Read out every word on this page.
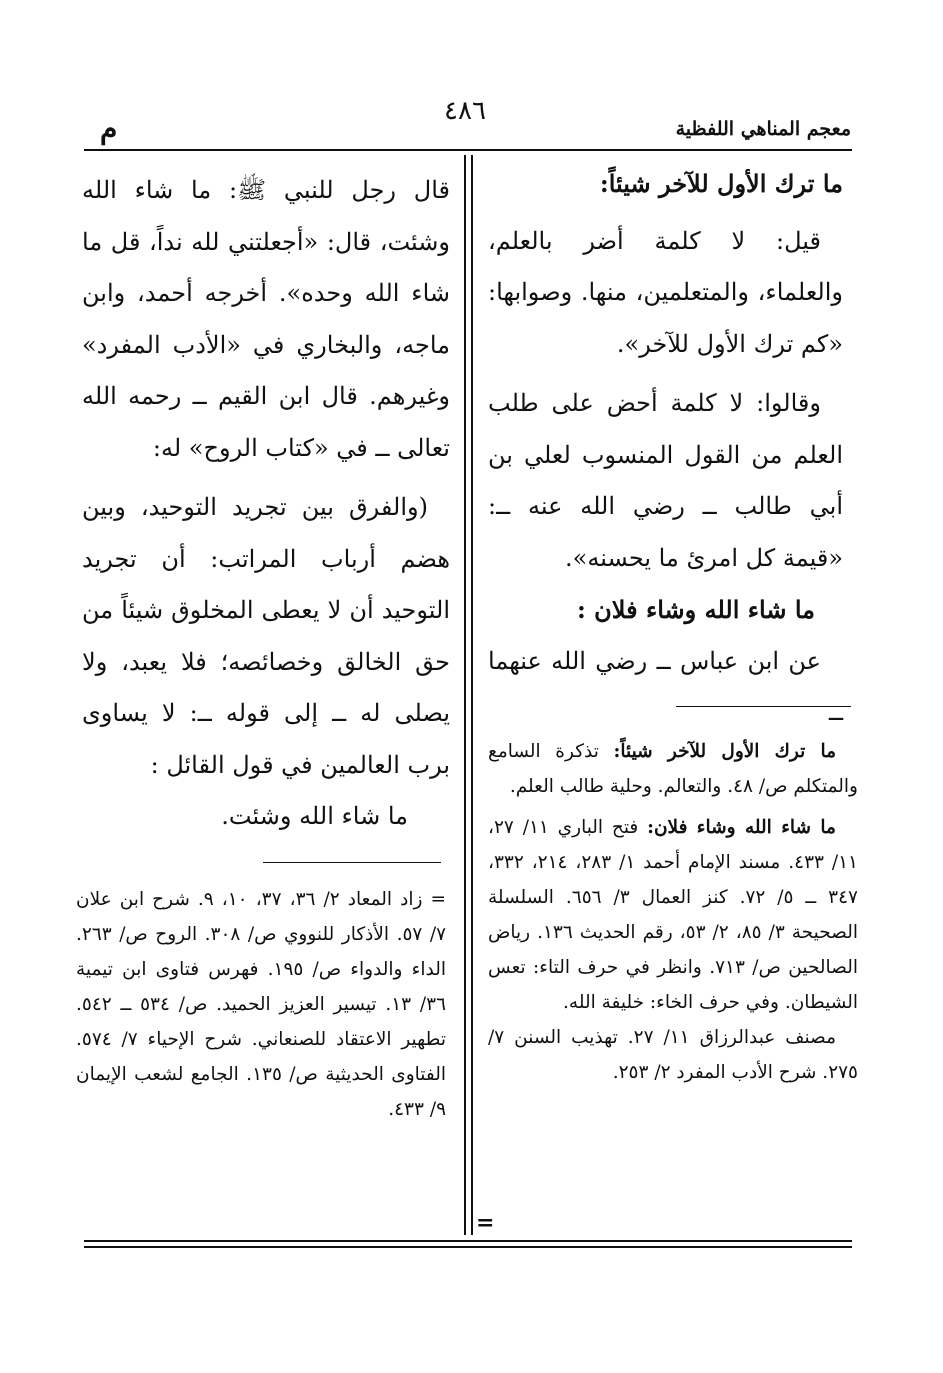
٤٨٦
معجم المناهي اللفظية
م

ما ترك الأول للآخر شيئاً:

قيل: لا كلمة أضر بالعلم، والعلماء، والمتعلمين، منها. وصوابها: «كم ترك الأول للآخر».

وقالوا: لا كلمة أحض على طلب العلم من القول المنسوب لعلي بن أبي طالب ــ رضي الله عنه ــ: «قيمة كل امرئ ما يحسنه».

ما شاء الله وشاء فلان :

عن ابن عباس ــ رضي الله عنهما ــ

قال رجل للنبي ﷺ: ما شاء الله وشئت، قال: «أجعلتني لله نداً، قل ما شاء الله وحده». أخرجه أحمد، وابن ماجه، والبخاري في «الأدب المفرد» وغيرهم. قال ابن القيم ــ رحمه الله تعالى ــ في «كتاب الروح» له:

(والفرق بين تجريد التوحيد، وبين هضم أرباب المراتب: أن تجريد التوحيد أن لا يعطى المخلوق شيئاً من حق الخالق وخصائصه؛ فلا يعبد، ولا يصلى له ــ إلى قوله ــ: لا يساوى برب العالمين في قول القائل :

ما شاء الله وشئت.

ما ترك الأول للآخر شيئاً: تذكرة السامع والمتكلم ص/ ٤٨. والتعالم. وحلية طالب العلم.

ما شاء الله وشاء فلان: فتح الباري ١١/ ٢٧، ١١/ ٤٣٣. مسند الإمام أحمد ١/ ٢٨٣، ٢١٤، ٣٣٢، ٣٤٧ ــ ٥/ ٧٢. كنز العمال ٣/ ٦٥٦. السلسلة الصحيحة ٣/ ٨٥، ٢/ ٥٣، رقم الحديث ١٣٦. رياض الصالحين ص/ ٧١٣. وانظر في حرف التاء: تعس الشيطان. وفي حرف الخاء: خليفة الله.

مصنف عبدالرزاق ١١/ ٢٧. تهذيب السنن ٧/ ٢٧٥. شرح الأدب المفرد ٢/ ٢٥٣.

= زاد المعاد ٢/ ٣٦، ٣٧، ١٠، ٩. شرح ابن علان ٧/ ٥٧. الأذكار للنووي ص/ ٣٠٨. الروح ص/ ٢٦٣. الداء والدواء ص/ ١٩٥. فهرس فتاوى ابن تيمية ٣٦/ ١٣. تيسير العزيز الحميد. ص/ ٥٣٤ ــ ٥٤٢. تطهير الاعتقاد للصنعاني. شرح الإحياء ٧/ ٥٧٤. الفتاوى الحديثية ص/ ١٣٥. الجامع لشعب الإيمان ٩/ ٤٣٣.

=
